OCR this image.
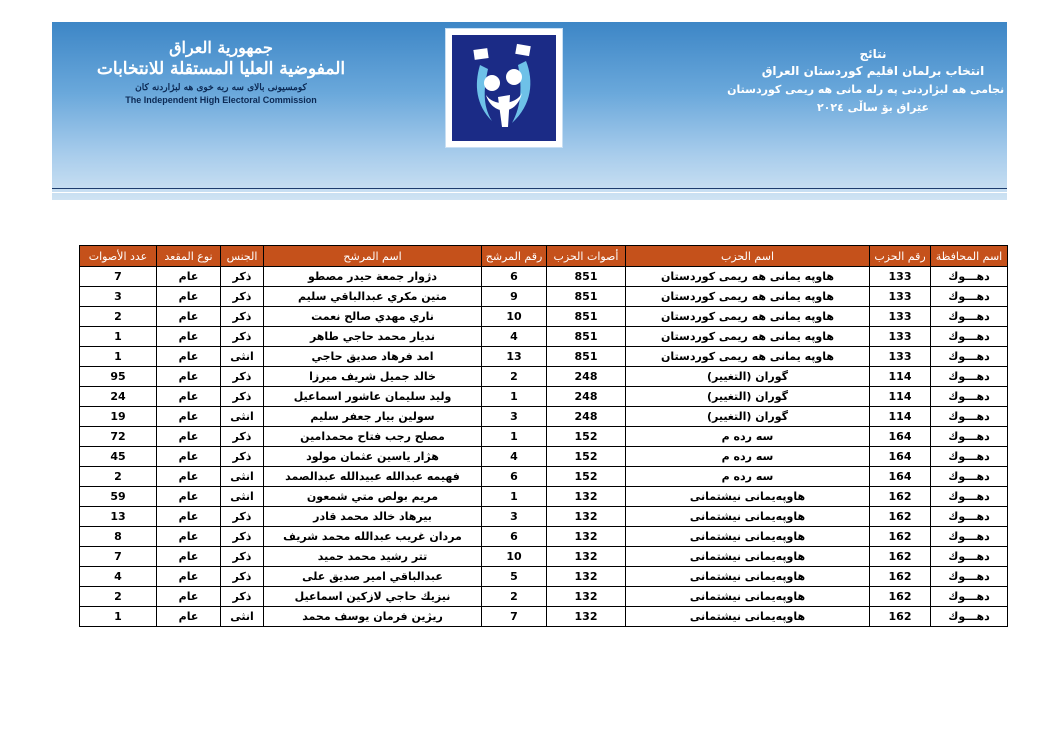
جمهورية العراق
المفوضية العليا المستقلة للانتخابات
کومسیونی بالای سه ربه خوی هه لبژاردنه کان
The Independent High Electoral Commission
نتائج
انتخاب برلمان اقليم كوردستان العراق
ئه نجامی هه لبژاردنی په رله مانی هه ریمی كوردستان
عێراق بۆ ساڵی ٢٠٢٤
اسم المحافظة	رقم الحزب	اسم الحزب	أصوات الحزب	رقم المرشح	اسم المرشح	الجنس	نوع المقعد	عدد الأصوات
دهـــوك	133	هاوپه يمانى هه ريمى كوردستان	851	6	دژوار جمعة حيدر مصطو	ذكر	عام	7
دهـــوك	133	هاوپه يمانى هه ريمى كوردستان	851	9	متين مكري عبدالباقي سليم	ذكر	عام	3
دهـــوك	133	هاوپه يمانى هه ريمى كوردستان	851	10	ناري مهدي صالح نعمت	ذكر	عام	2
دهـــوك	133	هاوپه يمانى هه ريمى كوردستان	851	4	نديار محمد حاجي طاهر	ذكر	عام	1
دهـــوك	133	هاوپه يمانى هه ريمى كوردستان	851	13	امد فرهاد صديق حاجي	انثى	عام	1
دهـــوك	114	گوران (التغيير)	248	2	خالد جميل شريف ميرزا	ذكر	عام	95
دهـــوك	114	گوران (التغيير)	248	1	وليد سليمان عاشور اسماعيل	ذكر	عام	24
دهـــوك	114	گوران (التغيير)	248	3	سولين بيار جعفر سليم	انثى	عام	19
دهـــوك	164	سه رده م	152	1	مصلح رجب فتاح محمدامين	ذكر	عام	72
دهـــوك	164	سه رده م	152	4	هژار ياسين عثمان مولود	ذكر	عام	45
دهـــوك	164	سه رده م	152	6	فهيمه عبدالله عبيدالله عبدالصمد	انثى	عام	2
دهـــوك	162	هاوپەیمانی نیشتمانی	132	1	مريم بولص متي شمعون	انثى	عام	59
دهـــوك	162	هاوپەیمانی نیشتمانی	132	3	بيرهاد خالد محمد قادر	ذكر	عام	13
دهـــوك	162	هاوپەیمانی نیشتمانی	132	6	مردان غريب عبدالله محمد شريف	ذكر	عام	8
دهـــوك	162	هاوپەیمانی نیشتمانی	132	10	تتر رشيد محمد حميد	ذكر	عام	7
دهـــوك	162	هاوپەیمانی نیشتمانی	132	5	عبدالباقي امير صديق على	ذكر	عام	4
دهـــوك	162	هاوپەیمانی نیشتمانی	132	2	نيزيك حاجي لازكين اسماعيل	ذكر	عام	2
دهـــوك	162	هاوپەیمانی نیشتمانی	132	7	ريژين فرمان يوسف محمد	انثى	عام	1
